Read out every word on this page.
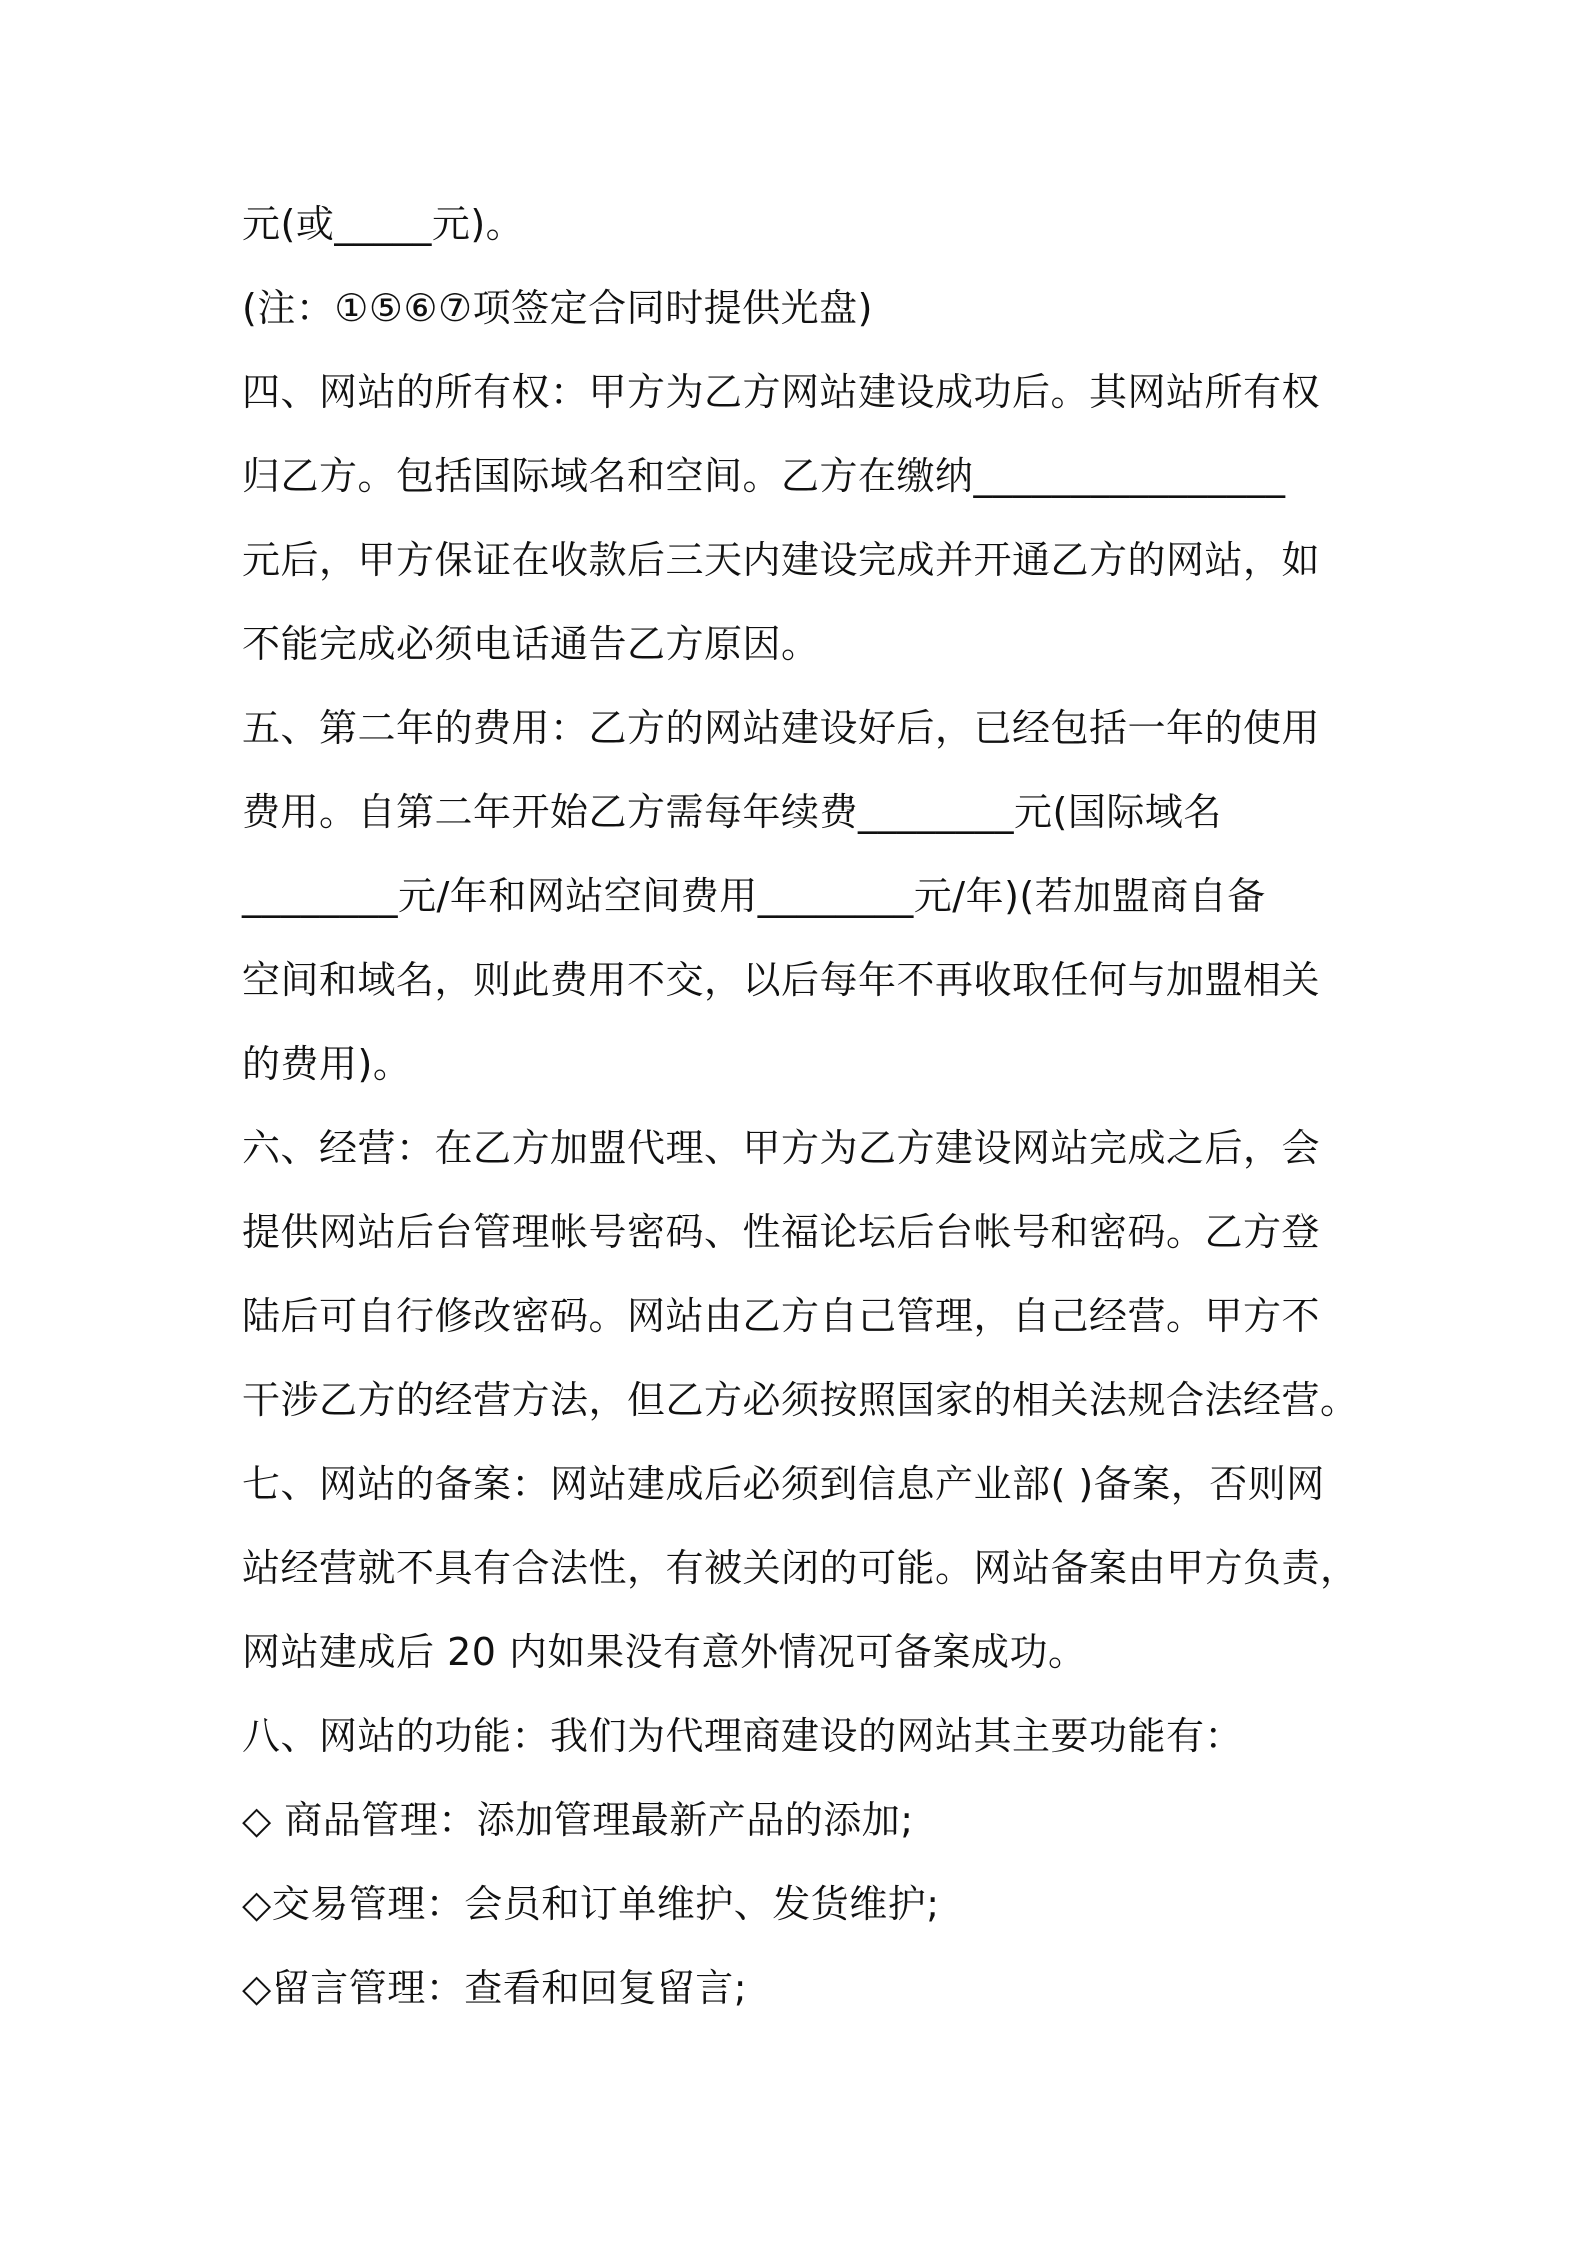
元(或_____元)。
(注：①⑤⑥⑦项签定合同时提供光盘)
四、网站的所有权：甲方为乙方网站建设成功后。其网站所有权
归乙方。包括国际域名和空间。乙方在缴纳________________
元后，甲方保证在收款后三天内建设完成并开通乙方的网站，如
不能完成必须电话通告乙方原因。
五、第二年的费用：乙方的网站建设好后，已经包括一年的使用
费用。自第二年开始乙方需每年续费________元(国际域名
________元/年和网站空间费用________元/年)(若加盟商自备
空间和域名，则此费用不交，以后每年不再收取任何与加盟相关
的费用)。
六、经营：在乙方加盟代理、甲方为乙方建设网站完成之后，会
提供网站后台管理帐号密码、性福论坛后台帐号和密码。乙方登
陆后可自行修改密码。网站由乙方自己管理，自己经营。甲方不
干涉乙方的经营方法，但乙方必须按照国家的相关法规合法经营。
七、网站的备案：网站建成后必须到信息产业部( )备案，否则网
站经营就不具有合法性，有被关闭的可能。网站备案由甲方负责，
网站建成后 20 内如果没有意外情况可备案成功。
八、网站的功能：我们为代理商建设的网站其主要功能有：
◇ 商品管理：添加管理最新产品的添加;
◇交易管理：会员和订单维护、发货维护;
◇留言管理：查看和回复留言;
